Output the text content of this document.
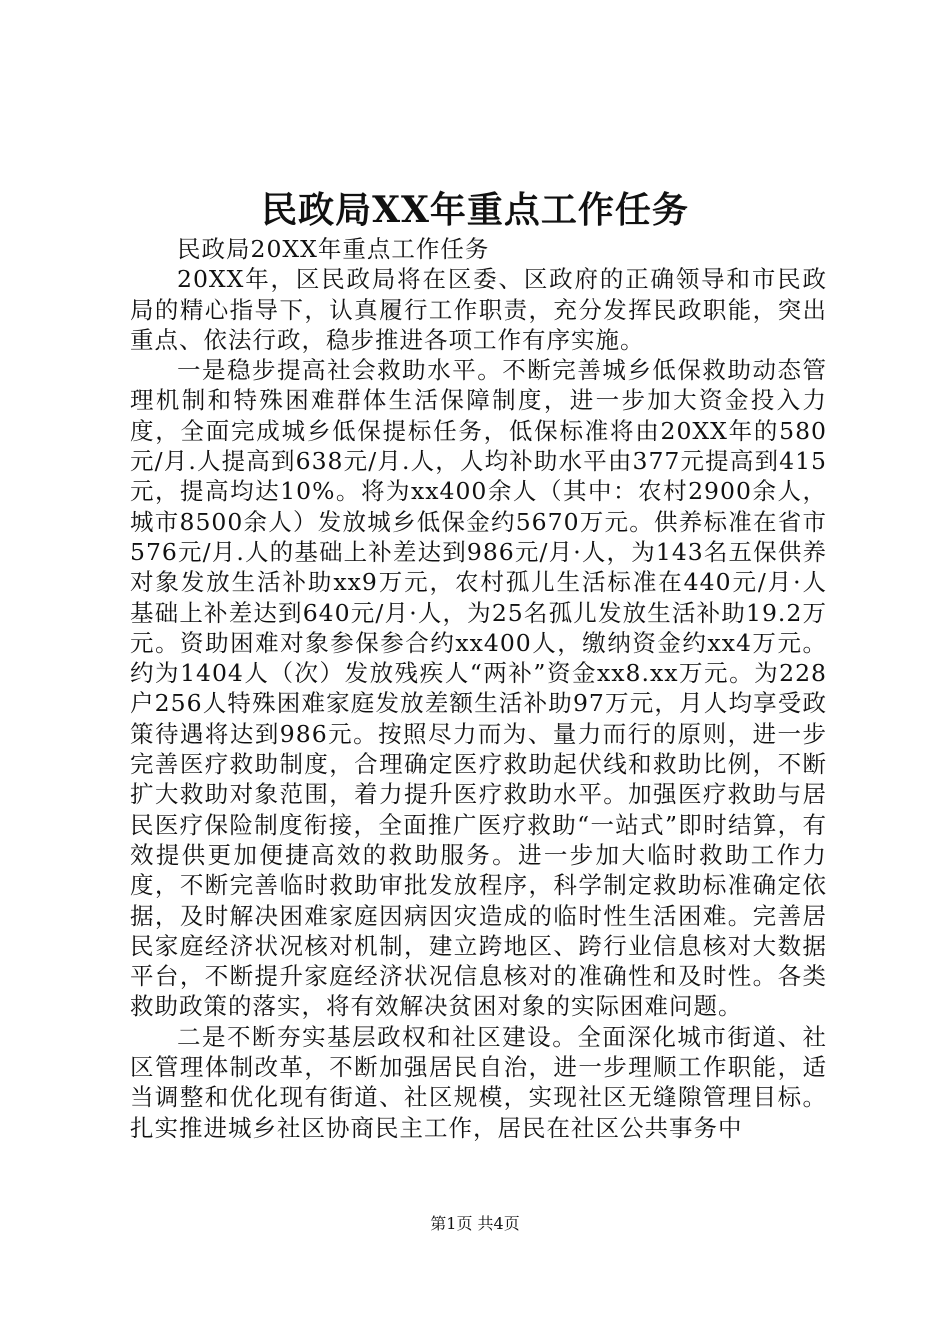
民政局XX年重点工作任务

民政局20XX年重点工作任务

20XX年，区民政局将在区委、区政府的正确领导和市民政局的精心指导下，认真履行工作职责，充分发挥民政职能，突出重点、依法行政，稳步推进各项工作有序实施。

一是稳步提高社会救助水平。不断完善城乡低保救助动态管理机制和特殊困难群体生活保障制度，进一步加大资金投入力度，全面完成城乡低保提标任务，低保标准将由20XX年的580元/月.人提高到638元/月.人，人均补助水平由377元提高到415元，提高均达10%。将为xx400余人（其中：农村2900余人，城市8500余人）发放城乡低保金约5670万元。供养标准在省市576元/月.人的基础上补差达到986元/月·人，为143名五保供养对象发放生活补助xx9万元，农村孤儿生活标准在440元/月·人基础上补差达到640元/月·人，为25名孤儿发放生活补助19.2万元。资助困难对象参保参合约xx400人，缴纳资金约xx4万元。约为1404人（次）发放残疾人“两补”资金xx8.xx万元。为228户256人特殊困难家庭发放差额生活补助97万元，月人均享受政策待遇将达到986元。按照尽力而为、量力而行的原则，进一步完善医疗救助制度，合理确定医疗救助起伏线和救助比例，不断扩大救助对象范围，着力提升医疗救助水平。加强医疗救助与居民医疗保险制度衔接，全面推广医疗救助“一站式”即时结算，有效提供更加便捷高效的救助服务。进一步加大临时救助工作力度，不断完善临时救助审批发放程序，科学制定救助标准确定依据，及时解决困难家庭因病因灾造成的临时性生活困难。完善居民家庭经济状况核对机制，建立跨地区、跨行业信息核对大数据平台，不断提升家庭经济状况信息核对的准确性和及时性。各类救助政策的落实，将有效解决贫困对象的实际困难问题。

二是不断夯实基层政权和社区建设。全面深化城市街道、社区管理体制改革，不断加强居民自治，进一步理顺工作职能，适当调整和优化现有街道、社区规模，实现社区无缝隙管理目标。扎实推进城乡社区协商民主工作，居民在社区公共事务中

第1页 共4页
